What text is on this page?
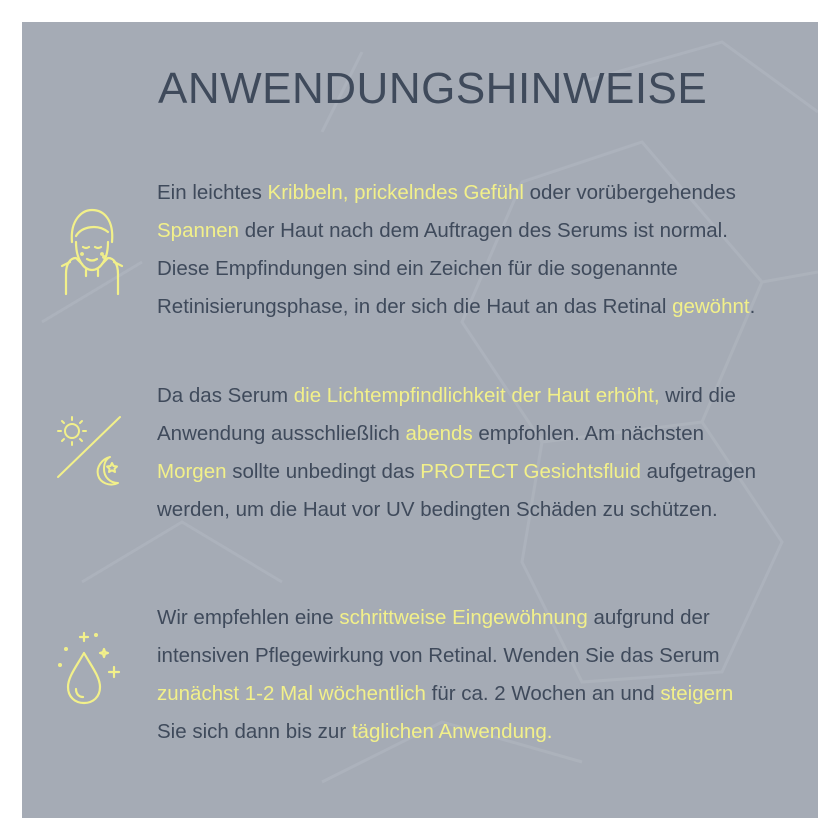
ANWENDUNGSHINWEISE

Ein leichtes Kribbeln, prickelndes Gefühl oder vorübergehendes
Spannen der Haut nach dem Auftragen des Serums ist normal.
Diese Empfindungen sind ein Zeichen für die sogenannte
Retinisierungsphase, in der sich die Haut an das Retinal gewöhnt.

Da das Serum die Lichtempfindlichkeit der Haut erhöht, wird die
Anwendung ausschließlich abends empfohlen. Am nächsten
Morgen sollte unbedingt das PROTECT Gesichtsfluid aufgetragen
werden, um die Haut vor UV bedingten Schäden zu schützen.

Wir empfehlen eine schrittweise Eingewöhnung aufgrund der
intensiven Pflegewirkung von Retinal. Wenden Sie das Serum
zunächst 1-2 Mal wöchentlich für ca. 2 Wochen an und steigern
Sie sich dann bis zur täglichen Anwendung.
